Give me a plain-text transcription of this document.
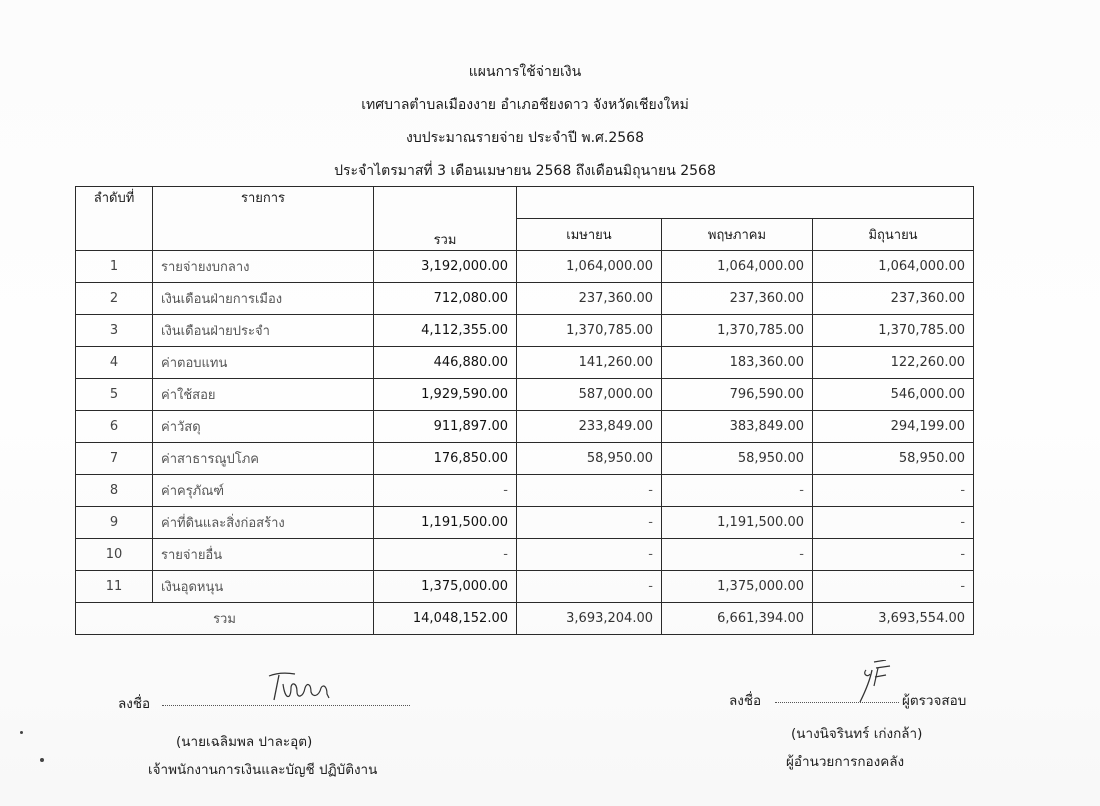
แผนการใช้จ่ายเงิน
เทศบาลตำบลเมืองงาย อำเภอชียงดาว จังหวัดเชียงใหม่
งบประมาณรายจ่าย ประจำปี พ.ศ.2568
ประจำไตรมาสที่ 3 เดือนเมษายน 2568 ถึงเดือนมิถุนายน 2568
ลำดับที่	รายการ	รวม			
			เมษายน	พฤษภาคม	มิถุนายน
1	รายจ่ายงบกลาง	3,192,000.00	1,064,000.00	1,064,000.00	1,064,000.00
2	เงินเดือนฝ่ายการเมือง	712,080.00	237,360.00	237,360.00	237,360.00
3	เงินเดือนฝ่ายประจำ	4,112,355.00	1,370,785.00	1,370,785.00	1,370,785.00
4	ค่าตอบแทน	446,880.00	141,260.00	183,360.00	122,260.00
5	ค่าใช้สอย	1,929,590.00	587,000.00	796,590.00	546,000.00
6	ค่าวัสดุ	911,897.00	233,849.00	383,849.00	294,199.00
7	ค่าสาธารณูปโภค	176,850.00	58,950.00	58,950.00	58,950.00
8	ค่าครุภัณฑ์	-	-	-	-
9	ค่าที่ดินและสิ่งก่อสร้าง	1,191,500.00	-	1,191,500.00	-
10	รายจ่ายอื่น	-	-	-	-
11	เงินอุดหนุน	1,375,000.00	-	1,375,000.00	-
รวม		14,048,152.00	3,693,204.00	6,661,394.00	3,693,554.00
ลงชื่อ
(นายเฉลิมพล ปาละอุต)
เจ้าพนักงานการเงินและบัญชี ปฏิบัติงาน
ลงชื่อ	ผู้ตรวจสอบ
(นางนิจรินทร์ เก่งกล้า)
ผู้อำนวยการกองคลัง
